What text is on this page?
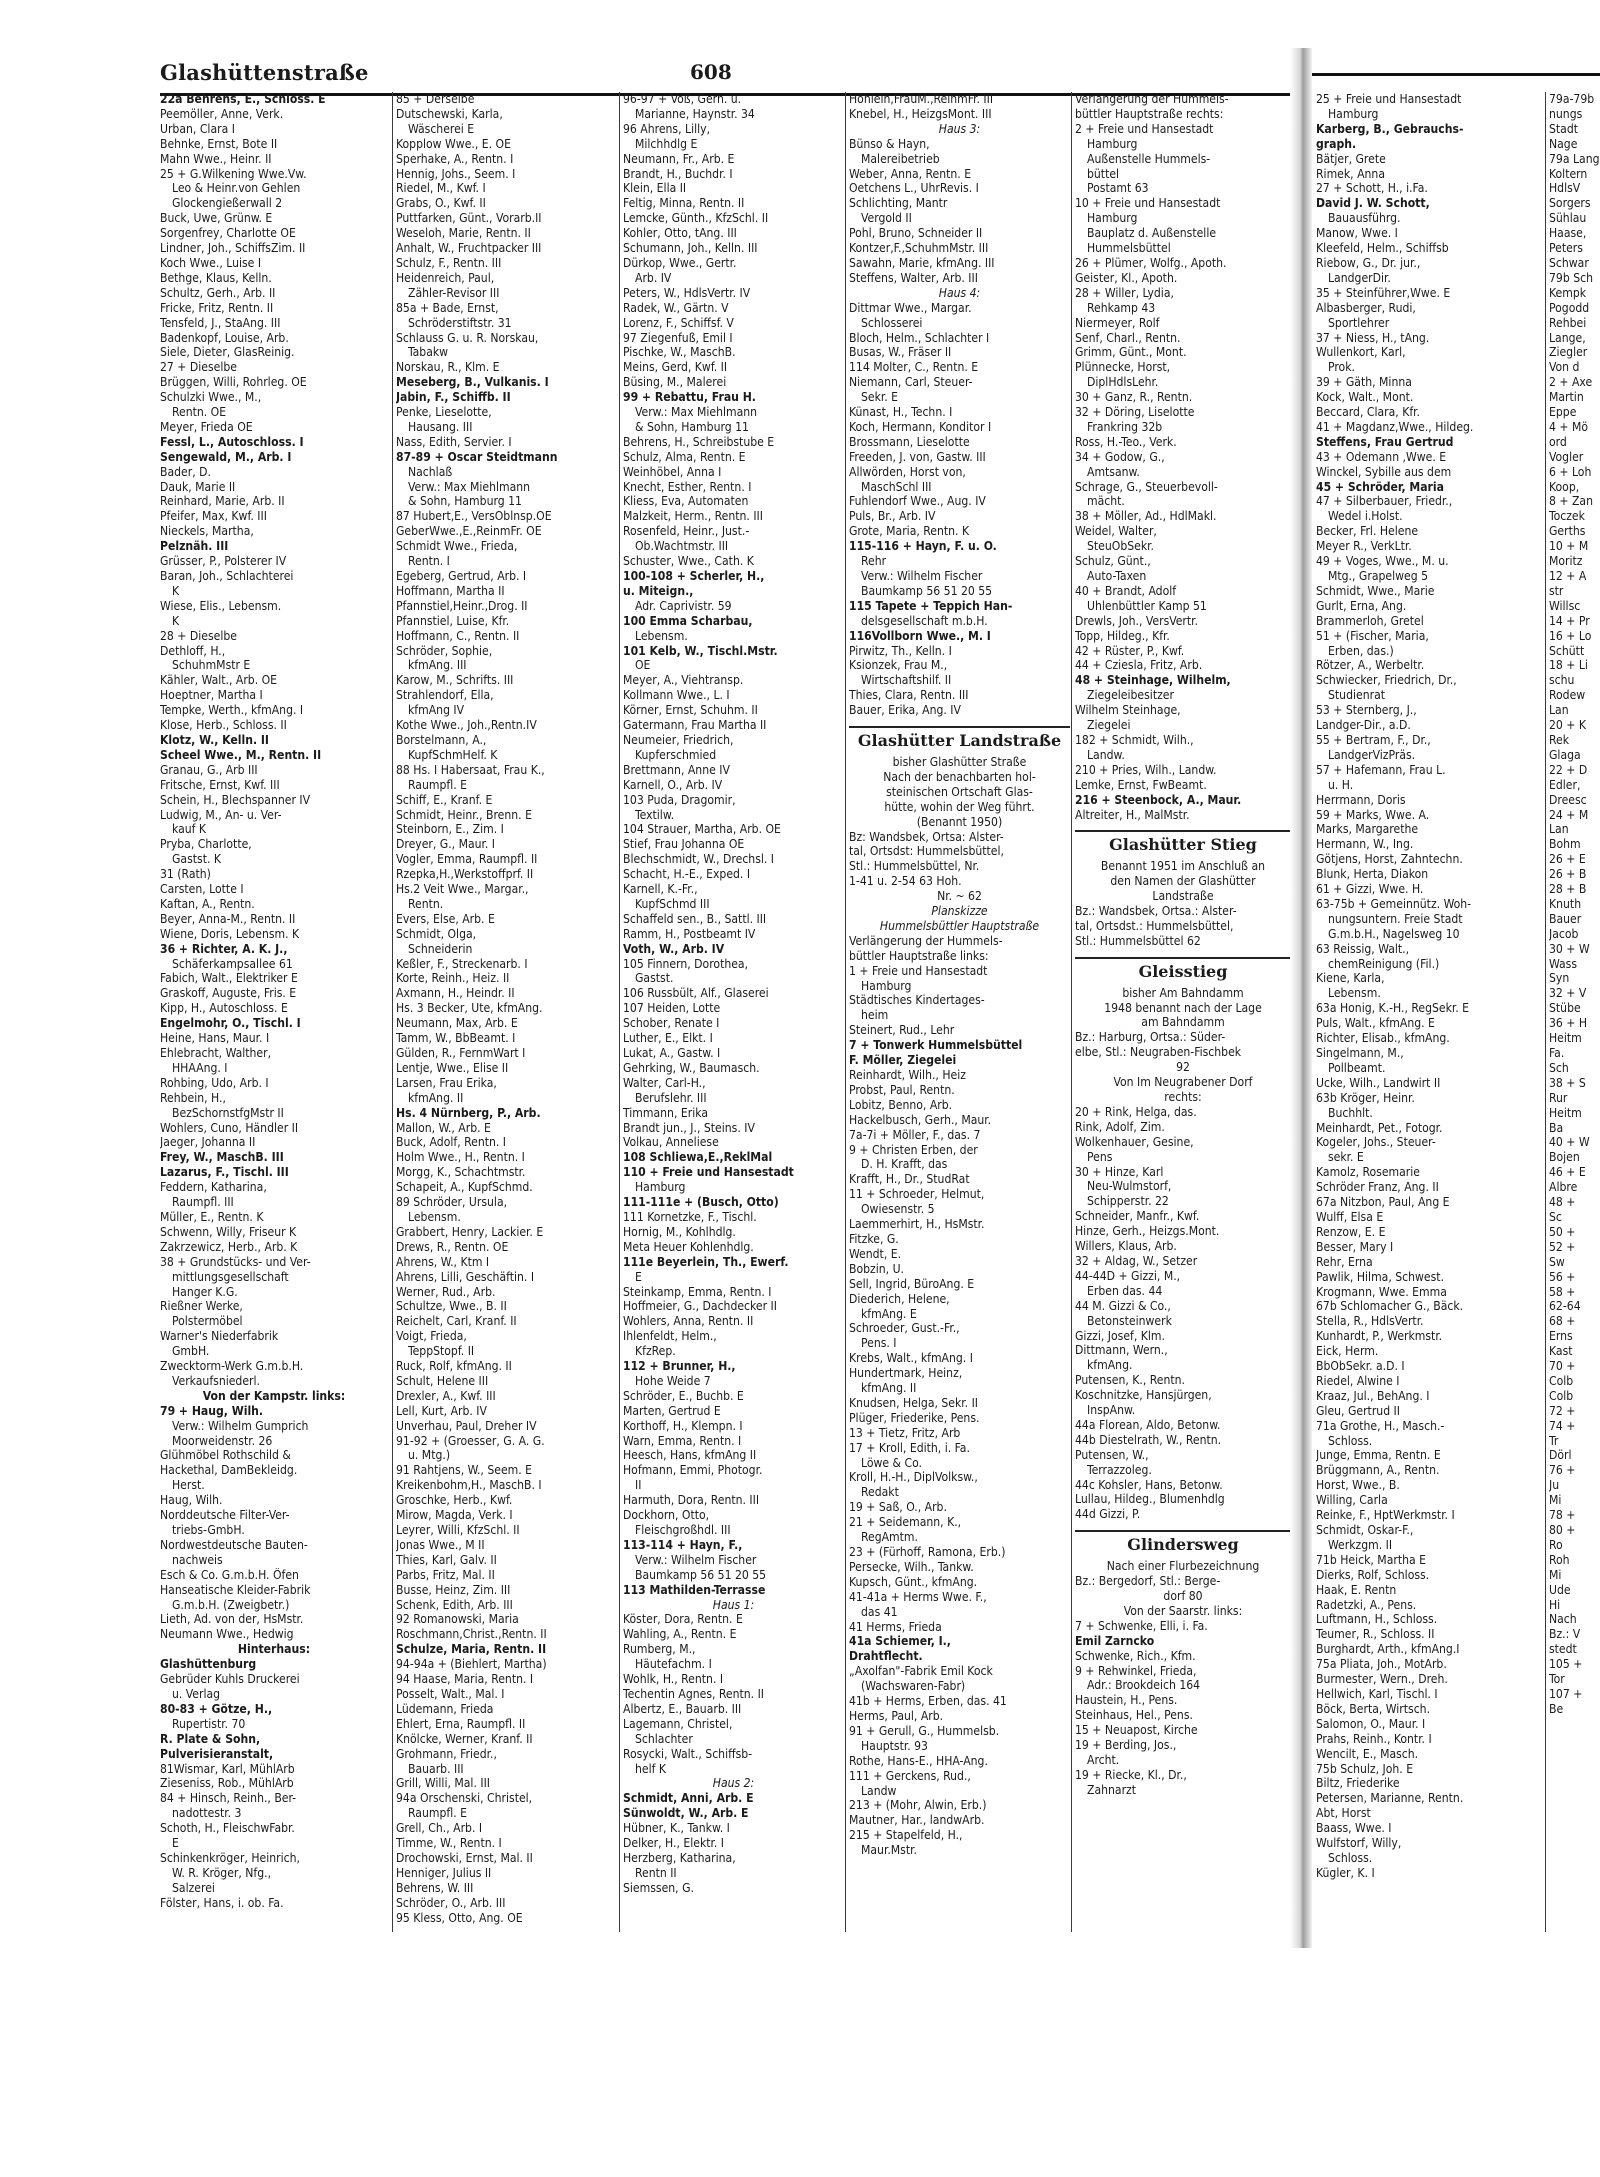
Glashüttenstraße	608
22a Behrens, E., Schloss. E
Peemöller, Anne, Verk.
Urban, Clara I
Behnke, Ernst, Bote II
Mahn Wwe., Heinr. II
25 + G.Wilkening Wwe.Vw.
Leo & Heinr.von Gehlen
Glockengießerwall 2
Buck, Uwe, Grünw. E
Sorgenfrey, Charlotte OE
Lindner, Joh., SchiffsZim. II
Koch Wwe., Luise I
Bethge, Klaus, Kelln.
Schultz, Gerh., Arb. II
Fricke, Fritz, Rentn. II
Tensfeld, J., StaAng. III
Badenkopf, Louise, Arb.
Siele, Dieter, GlasReinig.
27 + Dieselbe
Brüggen, Willi, Rohrleg. OE
Schulzki Wwe., M.,
Rentn. OE
Meyer, Frieda OE
Fessl, L., Autoschloss. I
Sengewald, M., Arb. I
Bader, D.
Dauk, Marie II
Reinhard, Marie, Arb. II
Pfeifer, Max, Kwf. III
Nieckels, Martha,
Pelznäh. III
Grüsser, P., Polsterer IV
Baran, Joh., Schlachterei
K
Wiese, Elis., Lebensm.
K
28 + Dieselbe
Dethloff, H.,
SchuhmMstr E
Kähler, Walt., Arb. OE
Hoeptner, Martha I
Tempke, Werth., kfmAng. I
Klose, Herb., Schloss. II
Klotz, W., Kelln. II
Scheel Wwe., M., Rentn. II
Granau, G., Arb III
Fritsche, Ernst, Kwf. III
Schein, H., Blechspanner IV
Ludwig, M., An- u. Ver-
kauf K
Pryba, Charlotte,
Gastst. K
31 (Rath)
Carsten, Lotte I
Kaftan, A., Rentn.
Beyer, Anna-M., Rentn. II
Wiene, Doris, Lebensm. K
36 + Richter, A. K. J.,
Schäferkampsallee 61
Fabich, Walt., Elektriker E
Graskoff, Auguste, Fris. E
Kipp, H., Autoschloss. E
Engelmohr, O., Tischl. I
Heine, Hans, Maur. I
Ehlebracht, Walther,
HHAAng. I
Rohbing, Udo, Arb. I
Rehbein, H.,
BezSchornstfgMstr II
Wohlers, Cuno, Händler II
Jaeger, Johanna II
Frey, W., MaschB. III
Lazarus, F., Tischl. III
Feddern, Katharina,
Raumpfl. III
Müller, E., Rentn. K
Schwenn, Willy, Friseur K
Zakrzewicz, Herb., Arb. K
38 + Grundstücks- und Ver-
mittlungsgesellschaft
Hanger K.G.
Rießner Werke,
Polstermöbel
Warner's Niederfabrik
GmbH.
Zwecktorm-Werk G.m.b.H.
Verkaufsniederl.
Von der Kampstr. links:
79 + Haug, Wilh.
Verw.: Wilhelm Gumprich
Moorweidenstr. 26
Glühmöbel Rothschild &
Hackethal, DamBekleidg.
Herst.
Haug, Wilh.
Norddeutsche Filter-Ver-
triebs-GmbH.
Nordwestdeutsche Bauten-
nachweis
Esch & Co. G.m.b.H. Öfen
Hanseatische Kleider-Fabrik
G.m.b.H. (Zweigbetr.)
Lieth, Ad. von der, HsMstr.
Neumann Wwe., Hedwig
Hinterhaus:
Glashüttenburg
Gebrüder Kuhls Druckerei
u. Verlag
80-83 + Götze, H.,
Rupertistr. 70
R. Plate & Sohn,
Pulverisieranstalt,
81Wismar, Karl, MühlArb
Zieseniss, Rob., MühlArb
84 + Hinsch, Reinh., Ber-
nadottestr. 3
Schoth, H., FleischwFabr.
E
Schinkenkröger, Heinrich,
W. R. Kröger, Nfg.,
Salzerei
Fölster, Hans, i. ob. Fa.
85 + Derselbe
Dutschewski, Karla,
Wäscherei E
Kopplow Wwe., E. OE
Sperhake, A., Rentn. I
Hennig, Johs., Seem. I
Riedel, M., Kwf. I
Grabs, O., Kwf. II
Puttfarken, Günt., Vorarb.II
Weseloh, Marie, Rentn. II
Anhalt, W., Fruchtpacker III
Schulz, F., Rentn. III
Heidenreich, Paul,
Zähler-Revisor III
85a + Bade, Ernst,
Schröderstiftstr. 31
Schlauss G. u. R. Norskau,
Tabakw
Norskau, R., Klm. E
Meseberg, B., Vulkanis. I
Jabin, F., Schiffb. II
Penke, Lieselotte,
Hausang. III
Nass, Edith, Servier. I
87-89 + Oscar Steidtmann
Nachlaß
Verw.: Max Miehlmann
& Sohn, Hamburg 11
87 Hubert,E., VersOblnsp.OE
GeberWwe.,E.,ReinmFr. OE
Schmidt Wwe., Frieda,
Rentn. I
Egeberg, Gertrud, Arb. I
Hoffmann, Martha II
Pfannstiel,Heinr.,Drog. II
Pfannstiel, Luise, Kfr.
Hoffmann, C., Rentn. II
Schröder, Sophie,
kfmAng. III
Karow, M., Schrifts. III
Strahlendorf, Ella,
kfmAng IV
Kothe Wwe., Joh.,Rentn.IV
Borstelmann, A.,
KupfSchmHelf. K
88 Hs. I Habersaat, Frau K.,
Raumpfl. E
Schiff, E., Kranf. E
Schmidt, Heinr., Brenn. E
Steinborn, E., Zim. I
Dreyer, G., Maur. I
Vogler, Emma, Raumpfl. II
Rzepka,H.,Werkstoffprf. II
Hs.2 Veit Wwe., Margar.,
Rentn.
Evers, Else, Arb. E
Schmidt, Olga,
Schneiderin
Keßler, F., Streckenarb. I
Korte, Reinh., Heiz. II
Axmann, H., Heindr. II
Hs. 3 Becker, Ute, kfmAng.
Neumann, Max, Arb. E
Tamm, W., BbBeamt. I
Gülden, R., FernmWart I
Lentje, Wwe., Elise II
Larsen, Frau Erika,
kfmAng. II
Hs. 4 Nürnberg, P., Arb.
Mallon, W., Arb. E
Buck, Adolf, Rentn. I
Holm Wwe., H., Rentn. I
Morgg, K., Schachtmstr.
Schapeit, A., KupfSchmd.
89 Schröder, Ursula,
Lebensm.
Grabbert, Henry, Lackier. E
Drews, R., Rentn. OE
Ahrens, W., Ktm I
Ahrens, Lilli, Geschäftin. I
Werner, Rud., Arb.
Schultze, Wwe., B. II
Reichelt, Carl, Kranf. II
Voigt, Frieda,
TeppStopf. II
Ruck, Rolf, kfmAng. II
Schult, Helene III
Drexler, A., Kwf. III
Lell, Kurt, Arb. IV
Unverhau, Paul, Dreher IV
91-92 + (Groesser, G. A. G.
u. Mtg.)
91 Rahtjens, W., Seem. E
Kreikenbohm,H., MaschB. I
Groschke, Herb., Kwf.
Mirow, Magda, Verk. I
Leyrer, Willi, KfzSchl. II
Jonas Wwe., M II
Thies, Karl, Galv. II
Parbs, Fritz, Mal. II
Busse, Heinz, Zim. III
Schenk, Edith, Arb. III
92 Romanowski, Maria
Roschmann,Christ.,Rentn. II
Schulze, Maria, Rentn. II
94-94a + (Biehlert, Martha)
94 Haase, Maria, Rentn. I
Posselt, Walt., Mal. I
Lüdemann, Frieda
Ehlert, Erna, Raumpfl. II
Knölcke, Werner, Kranf. II
Grohmann, Friedr.,
Bauarb. III
Grill, Willi, Mal. III
94a Orschenski, Christel,
Raumpfl. E
Grell, Ch., Arb. I
Timme, W., Rentn. I
Drochowski, Ernst, Mal. II
Henniger, Julius II
Behrens, W. III
Schröder, O., Arb. III
95 Kless, Otto, Ang. OE
96-97 + Voß, Gerh. u.
Marianne, Haynstr. 34
96 Ahrens, Lilly,
Milchhdlg E
Neumann, Fr., Arb. E
Brandt, H., Buchdr. I
Klein, Ella II
Feltig, Minna, Rentn. II
Lemcke, Günth., KfzSchl. II
Kohler, Otto, tAng. III
Schumann, Joh., Kelln. III
Dürkop, Wwe., Gertr.
Arb. IV
Peters, W., HdlsVertr. IV
Radek, W., Gärtn. V
Lorenz, F., Schiffsf. V
97 Ziegenfuß, Emil I
Pischke, W., MaschB.
Meins, Gerd, Kwf. II
Büsing, M., Malerei
99 + Rebattu, Frau H.
Verw.: Max Miehlmann
& Sohn, Hamburg 11
Behrens, H., Schreibstube E
Schulz, Alma, Rentn. E
Weinhöbel, Anna I
Knecht, Esther, Rentn. I
Kliess, Eva, Automaten
Malzkeit, Herm., Rentn. III
Rosenfeld, Heinr., Just.-
Ob.Wachtmstr. III
Schuster, Wwe., Cath. K
100-108 + Scherler, H.,
u. Miteign.,
Adr. Caprivistr. 59
100 Emma Scharbau,
Lebensm.
101 Kelb, W., Tischl.Mstr.
OE
Meyer, A., Viehtransp.
Kollmann Wwe., L. I
Körner, Ernst, Schuhm. II
Gatermann, Frau Martha II
Neumeier, Friedrich,
Kupferschmied
Brettmann, Anne IV
Karnell, O., Arb. IV
103 Puda, Dragomir,
Textilw.
104 Strauer, Martha, Arb. OE
Stief, Frau Johanna OE
Blechschmidt, W., Drechsl. I
Schacht, H.-E., Exped. I
Karnell, K.-Fr.,
KupfSchmd III
Schaffeld sen., B., Sattl. III
Ramm, H., Postbeamt IV
Voth, W., Arb. IV
105 Finnern, Dorothea,
Gastst.
106 Russbült, Alf., Glaserei
107 Heiden, Lotte
Schober, Renate I
Luther, E., Elkt. I
Lukat, A., Gastw. I
Gehrking, W., Baumasch.
Walter, Carl-H.,
Berufslehr. III
Timmann, Erika
Brandt jun., J., Steins. IV
Volkau, Anneliese
108 Schliewa,E.,ReklMal
110 + Freie und Hansestadt
Hamburg
111-111e + (Busch, Otto)
111 Kornetzke, F., Tischl.
Hornig, M., Kohlhdlg.
Meta Heuer Kohlenhdlg.
111e Beyerlein, Th., Ewerf.
E
Steinkamp, Emma, Rentn. I
Hoffmeier, G., Dachdecker II
Wohlers, Anna, Rentn. II
Ihlenfeldt, Helm.,
KfzRep.
112 + Brunner, H.,
Hohe Weide 7
Schröder, E., Buchb. E
Marten, Gertrud E
Korthoff, H., Klempn. I
Warn, Emma, Rentn. I
Heesch, Hans, kfmAng II
Hofmann, Emmi, Photogr.
II
Harmuth, Dora, Rentn. III
Dockhorn, Otto,
Fleischgroßhdl. III
113-114 + Hayn, F.,
Verw.: Wilhelm Fischer
Baumkamp 56 51 20 55
113 Mathilden-Terrasse
Haus 1:
Köster, Dora, Rentn. E
Wahling, A., Rentn. E
Rumberg, M.,
Häutefachm. I
Wohlk, H., Rentn. I
Techentin Agnes, Rentn. II
Albertz, E., Bauarb. III
Lagemann, Christel,
Schlachter
Rosycki, Walt., Schiffsb-
helf K
Haus 2:
Schmidt, Anni, Arb. E
Sünwoldt, W., Arb. E
Hübner, K., Tankw. I
Delker, H., Elektr. I
Herzberg, Katharina,
Rentn II
Siemssen, G.
Höhlein,FrauM.,ReinmFr. III
Knebel, H., HeizgsMont. III
Haus 3:
Bünso & Hayn,
Malereibetrieb
Weber, Anna, Rentn. E
Oetchens L., UhrRevis. I
Schlichting, Mantr
Vergold II
Pohl, Bruno, Schneider II
Kontzer,F.,SchuhmMstr. III
Sawahn, Marie, kfmAng. III
Steffens, Walter, Arb. III
Haus 4:
Dittmar Wwe., Margar.
Schlosserei
Bloch, Helm., Schlachter I
Busas, W., Fräser II
114 Molter, C., Rentn. E
Niemann, Carl, Steuer-
Sekr. E
Künast, H., Techn. I
Koch, Hermann, Konditor I
Brossmann, Lieselotte
Freeden, J. von, Gastw. III
Allwörden, Horst von,
MaschSchl III
Fuhlendorf Wwe., Aug. IV
Puls, Br., Arb. IV
Grote, Maria, Rentn. K
115-116 + Hayn, F. u. O.
Rehr
Verw.: Wilhelm Fischer
Baumkamp 56 51 20 55
115 Tapete + Teppich Han-
delsgesellschaft m.b.H.
116Vollborn Wwe., M. I
Pirwitz, Th., Kelln. I
Ksionzek, Frau M.,
Wirtschaftshilf. II
Thies, Clara, Rentn. III
Bauer, Erika, Ang. IV
Glashütter Landstraße
bisher Glashütter Straße
Nach der benachbarten hol-
steinischen Ortschaft Glas-
hütte, wohin der Weg führt.
(Benannt 1950)
Bz: Wandsbek, Ortsa: Alster-
tal, Ortsdst: Hummelsbüttel,
Stl.: Hummelsbüttel, Nr.
1-41 u. 2-54 63 Hoh.
Nr. ~ 62
Planskizze
Hummelsbüttler Hauptstraße
Verlängerung der Hummels-
büttler Hauptstraße links:
1 + Freie und Hansestadt
Hamburg
Städtisches Kindertages-
heim
Steinert, Rud., Lehr
7 + Tonwerk Hummelsbüttel
F. Möller, Ziegelei
Reinhardt, Wilh., Heiz
Probst, Paul, Rentn.
Lobitz, Benno, Arb.
Hackelbusch, Gerh., Maur.
7a-7i + Möller, F., das. 7
9 + Christen Erben, der
D. H. Krafft, das
Krafft, H., Dr., StudRat
11 + Schroeder, Helmut,
Owiesenstr. 5
Laemmerhirt, H., HsMstr.
Fitzke, G.
Wendt, E.
Bobzin, U.
Sell, Ingrid, BüroAng. E
Diederich, Helene,
kfmAng. E
Schroeder, Gust.-Fr.,
Pens. I
Krebs, Walt., kfmAng. I
Hundertmark, Heinz,
kfmAng. II
Knudsen, Helga, Sekr. II
Plüger, Friederike, Pens.
13 + Tietz, Fritz, Arb
17 + Kroll, Edith, i. Fa.
Löwe & Co.
Kroll, H.-H., DiplVolksw.,
Redakt
19 + Saß, O., Arb.
21 + Seidemann, K.,
RegAmtm.
23 + (Fürhoff, Ramona, Erb.)
Persecke, Wilh., Tankw.
Kupsch, Günt., kfmAng.
41-41a + Herms Wwe. F.,
das 41
41 Herms, Frieda
41a Schiemer, I.,
Drahtflecht.
„Axolfan"-Fabrik Emil Kock
(Wachswaren-Fabr)
41b + Herms, Erben, das. 41
Herms, Paul, Arb.
91 + Gerull, G., Hummelsb.
Hauptstr. 93
Rothe, Hans-E., HHA-Ang.
111 + Gerckens, Rud.,
Landw
213 + (Mohr, Alwin, Erb.)
Mautner, Har., landwArb.
215 + Stapelfeld, H.,
Maur.Mstr.
Verlängerung der Hummels-
büttler Hauptstraße rechts:
2 + Freie und Hansestadt
Hamburg
Außenstelle Hummels-
büttel
Postamt 63
10 + Freie und Hansestadt
Hamburg
Bauplatz d. Außenstelle
Hummelsbüttel
26 + Plümer, Wolfg., Apoth.
Geister, Kl., Apoth.
28 + Willer, Lydia,
Rehkamp 43
Niermeyer, Rolf
Senf, Charl., Rentn.
Grimm, Günt., Mont.
Plünnecke, Horst,
DiplHdlsLehr.
30 + Ganz, R., Rentn.
32 + Döring, Liselotte
Frankring 32b
Ross, H.-Teo., Verk.
34 + Godow, G.,
Amtsanw.
Schrage, G., Steuerbevoll-
mächt.
38 + Möller, Ad., HdlMakl.
Weidel, Walter,
SteuObSekr.
Schulz, Günt.,
Auto-Taxen
40 + Brandt, Adolf
Uhlenbüttler Kamp 51
Drewls, Joh., VersVertr.
Topp, Hildeg., Kfr.
42 + Rüster, P., Kwf.
44 + Cziesla, Fritz, Arb.
48 + Steinhage, Wilhelm,
Ziegeleibesitzer
Wilhelm Steinhage,
Ziegelei
182 + Schmidt, Wilh.,
Landw.
210 + Pries, Wilh., Landw.
Lemke, Ernst, FwBeamt.
216 + Steenbock, A., Maur.
Altreiter, H., MalMstr.
Glashütter Stieg
Benannt 1951 im Anschluß an
den Namen der Glashütter
Landstraße
Bz.: Wandsbek, Ortsa.: Alster-
tal, Ortsdst.: Hummelsbüttel,
Stl.: Hummelsbüttel 62
Gleisstieg
bisher Am Bahndamm
1948 benannt nach der Lage
am Bahndamm
Bz.: Harburg, Ortsa.: Süder-
elbe, Stl.: Neugraben-Fischbek
92
Von Im Neugrabener Dorf
rechts:
20 + Rink, Helga, das.
Rink, Adolf, Zim.
Wolkenhauer, Gesine,
Pens
30 + Hinze, Karl
Neu-Wulmstorf,
Schipperstr. 22
Schneider, Manfr., Kwf.
Hinze, Gerh., Heizgs.Mont.
Willers, Klaus, Arb.
32 + Aldag, W., Setzer
44-44D + Gizzi, M.,
Erben das. 44
44 M. Gizzi & Co.,
Betonsteinwerk
Gizzi, Josef, Klm.
Dittmann, Wern.,
kfmAng.
Putensen, K., Rentn.
Koschnitzke, Hansjürgen,
InspAnw.
44a Florean, Aldo, Betonw.
44b Diestelrath, W., Rentn.
Putensen, W.,
Terrazzoleg.
44c Kohsler, Hans, Betonw.
Lullau, Hildeg., Blumenhdlg
44d Gizzi, P.
Glindersweg
Nach einer Flurbezeichnung
Bz.: Bergedorf, Stl.: Berge-
dorf 80
Von der Saarstr. links:
7 + Schwenke, Elli, i. Fa.
Emil Zarncko
Schwenke, Rich., Kfm.
9 + Rehwinkel, Frieda,
Adr.: Brookdeich 164
Haustein, H., Pens.
Steinhaus, Hel., Pens.
15 + Neuapost, Kirche
19 + Berding, Jos.,
Archt.
19 + Riecke, Kl., Dr.,
Zahnarzt
25 + Freie und Hansestadt
Hamburg
Karberg, B., Gebrauchs-
graph.
Bätjer, Grete
Rimek, Anna
27 + Schott, H., i.Fa.
David J. W. Schott,
Bauausführg.
Manow, Wwe. I
Kleefeld, Helm., Schiffsb
Riebow, G., Dr. jur.,
LandgerDir.
35 + Steinführer,Wwe. E
Albasberger, Rudi,
Sportlehrer
37 + Niess, H., tAng.
Wullenkort, Karl,
Prok.
39 + Gäth, Minna
Kock, Walt., Mont.
Beccard, Clara, Kfr.
41 + Magdanz,Wwe., Hildeg.
Steffens, Frau Gertrud
43 + Odemann ,Wwe. E
Winckel, Sybille aus dem
45 + Schröder, Maria
47 + Silberbauer, Friedr.,
Wedel i.Holst.
Becker, Frl. Helene
Meyer R., VerkLtr.
49 + Voges, Wwe., M. u.
Mtg., Grapelweg 5
Schmidt, Wwe., Marie
Gurlt, Erna, Ang.
Brammerloh, Gretel
51 + (Fischer, Maria,
Erben, das.)
Rötzer, A., Werbeltr.
Schwiecker, Friedrich, Dr.,
Studienrat
53 + Sternberg, J.,
Landger-Dir., a.D.
55 + Bertram, F., Dr.,
LandgerVizPräs.
57 + Hafemann, Frau L.
u. H.
Herrmann, Doris
59 + Marks, Wwe. A.
Marks, Margarethe
Hermann, W., Ing.
Götjens, Horst, Zahntechn.
Blunk, Herta, Diakon
61 + Gizzi, Wwe. H.
63-75b + Gemeinnütz. Woh-
nungsuntern. Freie Stadt
G.m.b.H., Nagelsweg 10
63 Reissig, Walt.,
chemReinigung (Fil.)
Kiene, Karla,
Lebensm.
63a Honig, K.-H., RegSekr. E
Puls, Walt., kfmAng. E
Richter, Elisab., kfmAng.
Singelmann, M.,
Pollbeamt.
Ucke, Wilh., Landwirt II
63b Kröger, Heinr.
Buchhlt.
Meinhardt, Pet., Fotogr.
Kogeler, Johs., Steuer-
sekr. E
Kamolz, Rosemarie
Schröder Franz, Ang. II
67a Nitzbon, Paul, Ang E
Wulff, Elsa E
Renzow, E. E
Besser, Mary I
Rehr, Erna
Pawlik, Hilma, Schwest.
Krogmann, Wwe. Emma
67b Schlomacher G., Bäck.
Stella, R., HdlsVertr.
Kunhardt, P., Werkmstr.
Eick, Herm.
BbObSekr. a.D. I
Riedel, Alwine I
Kraaz, Jul., BehAng. I
Gleu, Gertrud II
71a Grothe, H., Masch.-
Schloss.
Junge, Emma, Rentn. E
Brüggmann, A., Rentn.
Horst, Wwe., B.
Willing, Carla
Reinke, F., HptWerkmstr. I
Schmidt, Oskar-F.,
Werkzgm. II
71b Heick, Martha E
Dierks, Rolf, Schloss.
Haak, E. Rentn
Radetzki, A., Pens.
Luftmann, H., Schloss.
Teumer, R., Schloss. II
Burghardt, Arth., kfmAng.I
75a Pliata, Joh., MotArb.
Burmester, Wern., Dreh.
Hellwich, Karl, Tischl. I
Böck, Berta, Wirtsch.
Salomon, O., Maur. I
Prahs, Reinh., Kontr. I
Wencilt, E., Masch.
75b Schulz, Joh. E
Biltz, Friederike
Petersen, Marianne, Rentn.
Abt, Horst
Baass, Wwe. I
Wulfstorf, Willy,
Schloss.
Kügler, K. I
79a-79b
nungs
Stadt
Nage
79a Lang
Koltern
HdlsV
Sorgers
Sühlau
Haase,
Peters
Schwar
79b Sch
Kempk
Pogodd
Rehbei
Lange,
Ziegler
Von d
2 + Axe
Martin
Eppe
4 + Mö
ord
Vogler
6 + Loh
Koop,
8 + Zan
Toczek
Gerths
10 + M
Moritz
12 + A
str
Willsc
14 + Pr
16 + Lo
Schütt
18 + Li
schu
Rodew
Lan
20 + K
Rek
Glaga
22 + D
Edler,
Dreesc
24 + M
Lan
Bohm
26 + E
26 + B
28 + B
Knuth
Bauer
Jacob
30 + W
Wass
Syn
32 + V
Stübe
36 + H
Heitm
Fa.
Sch
38 + S
Rur
Heitm
Ba
40 + W
Bojen
46 + E
Albre
48 +
Sc
50 +
52 +
Sw
56 +
58 +
62-64
68 +
Erns
Kast
70 +
Colb
Colb
72 +
74 +
Tr
Dörl
76 +
Ju
Mi
78 +
80 +
Ro
Roh
Mi
Ude
Hi
Nach
Bz.: V
stedt
105 +
Tor
107 +
Be
